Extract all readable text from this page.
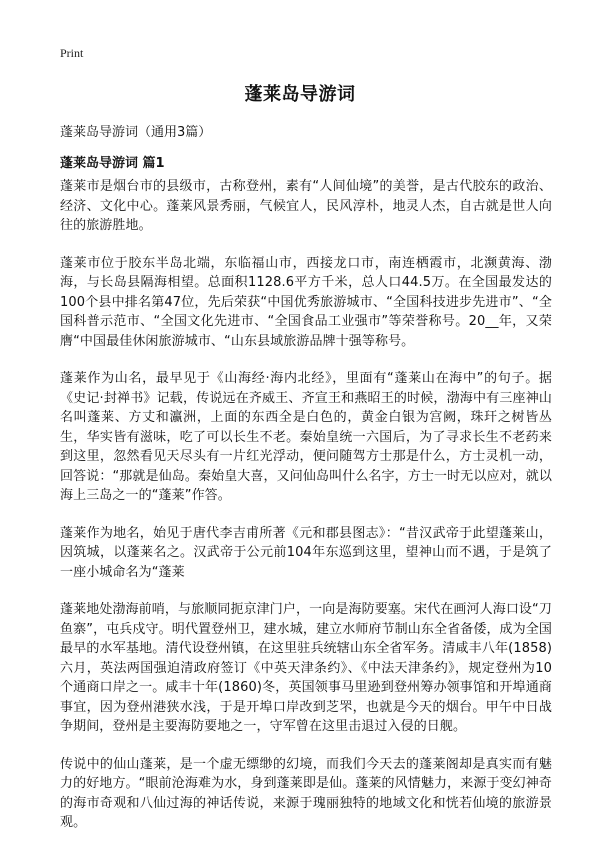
Print
蓬莱岛导游词

蓬莱岛导游词（通用3篇）

蓬莱岛导游词 篇1

蓬莱市是烟台市的县级市，古称登州，素有“人间仙境”的美誉，是古代胶东的政治、经济、文化中心。蓬莱风景秀丽，气候宜人，民风淳朴，地灵人杰，自古就是世人向往的旅游胜地。

蓬莱市位于胶东半岛北端，东临福山市，西接龙口市，南连栖霞市，北濒黄海、渤海，与长岛县隔海相望。总面积1128.6平方千米，总人口44.5万。在全国最发达的100个县中排名第47位，先后荣获“中国优秀旅游城市、“全国科技进步先进市”、“全国科普示范市、“全国文化先进市、“全国食品工业强市”等荣誉称号。20__年，又荣膺“中国最佳休闲旅游城市、“山东县域旅游品牌十强等称号。

蓬莱作为山名，最早见于《山海经·海内北经》，里面有“蓬莱山在海中”的句子。据《史记·封禅书》记载，传说远在齐威王、齐宣王和燕昭王的时候，渤海中有三座神山名叫蓬莱、方丈和瀛洲，上面的东西全是白色的，黄金白银为宫阙，珠玕之树皆丛生，华实皆有滋味，吃了可以长生不老。秦始皇统一六国后，为了寻求长生不老药来到这里，忽然看见天尽头有一片红光浮动，便问随驾方士那是什么，方士灵机一动，回答说：“那就是仙岛。秦始皇大喜，又问仙岛叫什么名字，方士一时无以应对，就以海上三岛之一的“蓬莱”作答。

蓬莱作为地名，始见于唐代李吉甫所著《元和郡县图志》：“昔汉武帝于此望蓬莱山，因筑城，以蓬莱名之。汉武帝于公元前104年东巡到这里，望神山而不遇，于是筑了一座小城命名为“蓬莱

蓬莱地处渤海前哨，与旅顺同扼京津门户，一向是海防要塞。宋代在画河人海口设“刀鱼寨”，屯兵戍守。明代置登州卫，建水城，建立水师府节制山东全省备倭，成为全国最早的水军基地。清代设登州镇，在这里驻兵统辖山东全省军务。清咸丰八年(1858)六月，英法两国强迫清政府签订《中英天津条约》、《中法天津条约》，规定登州为10个通商口岸之一。咸丰十年(1860)冬，英国领事马里逊到登州筹办领事馆和开埠通商事宜，因为登州港狭水浅，于是开埠口岸改到芝罘，也就是今天的烟台。甲午中日战争期间，登州是主要海防要地之一，守军曾在这里击退过入侵的日舰。

传说中的仙山蓬莱，是一个虚无缥缈的幻境，而我们今天去的蓬莱阁却是真实而有魅力的好地方。“眼前沧海难为水，身到蓬莱即是仙。蓬莱的风情魅力，来源于变幻神奇的海市奇观和八仙过海的神话传说，来源于瑰丽独特的地域文化和恍若仙境的旅游景观。
